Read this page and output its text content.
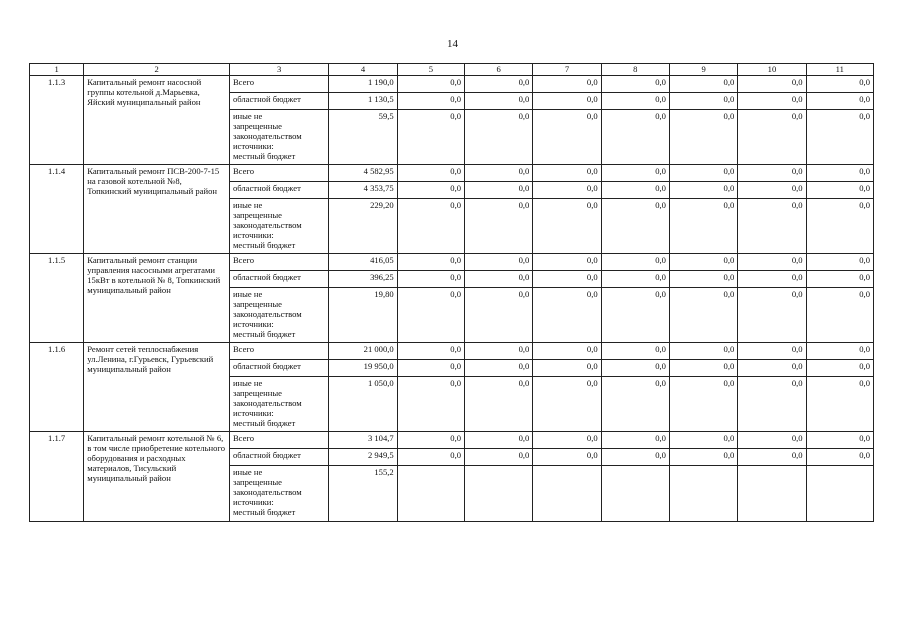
14
1	2	3	4	5	6	7	8	9	10	11
1.1.3	Капитальный ремонт насосной группы котельной д.Марьевка, Яйский муниципальный район	Всего	1 190,0	0,0	0,0	0,0	0,0	0,0	0,0	0,0
		областной бюджет	1 130,5	0,0	0,0	0,0	0,0	0,0	0,0	0,0

		иные не
запрещенные
законодательством
источники:
местный бюджет	59,5	0,0	0,0	0,0	0,0	0,0	0,0	0,0
1.1.4	Капитальный ремонт ПСВ-200-7-15 на газовой котельной №8, Топкинский муниципальный район	Всего	4 582,95	0,0	0,0	0,0	0,0	0,0	0,0	0,0
		областной бюджет	4 353,75	0,0	0,0	0,0	0,0	0,0	0,0	0,0

		иные не
запрещенные
законодательством
источники:
местный бюджет	229,20	0,0	0,0	0,0	0,0	0,0	0,0	0,0
1.1.5	Капитальный ремонт станции управления насосными агрегатами 15кВт в котельной № 8, Топкинский муниципальный район	Всего	416,05	0,0	0,0	0,0	0,0	0,0	0,0	0,0
		областной бюджет	396,25	0,0	0,0	0,0	0,0	0,0	0,0	0,0

		иные не
запрещенные
законодательством
источники:
местный бюджет	19,80	0,0	0,0	0,0	0,0	0,0	0,0	0,0
1.1.6	Ремонт сетей теплоснабжения ул.Ленина, г.Гурьевск, Гурьевский муниципальный район	Всего	21 000,0	0,0	0,0	0,0	0,0	0,0	0,0	0,0
		областной бюджет	19 950,0	0,0	0,0	0,0	0,0	0,0	0,0	0,0

		иные не
запрещенные
законодательством
источники:
местный бюджет	1 050,0	0,0	0,0	0,0	0,0	0,0	0,0	0,0
1.1.7	Капитальный ремонт котельной № 6, в том числе приобретение котельного оборудования и расходных материалов, Тисульский муниципальный район	Всего	3 104,7	0,0	0,0	0,0	0,0	0,0	0,0	0,0
		областной бюджет	2 949,5	0,0	0,0	0,0	0,0	0,0	0,0	0,0

		иные не
запрещенные
законодательством
источники:
местный бюджет	155,2							
